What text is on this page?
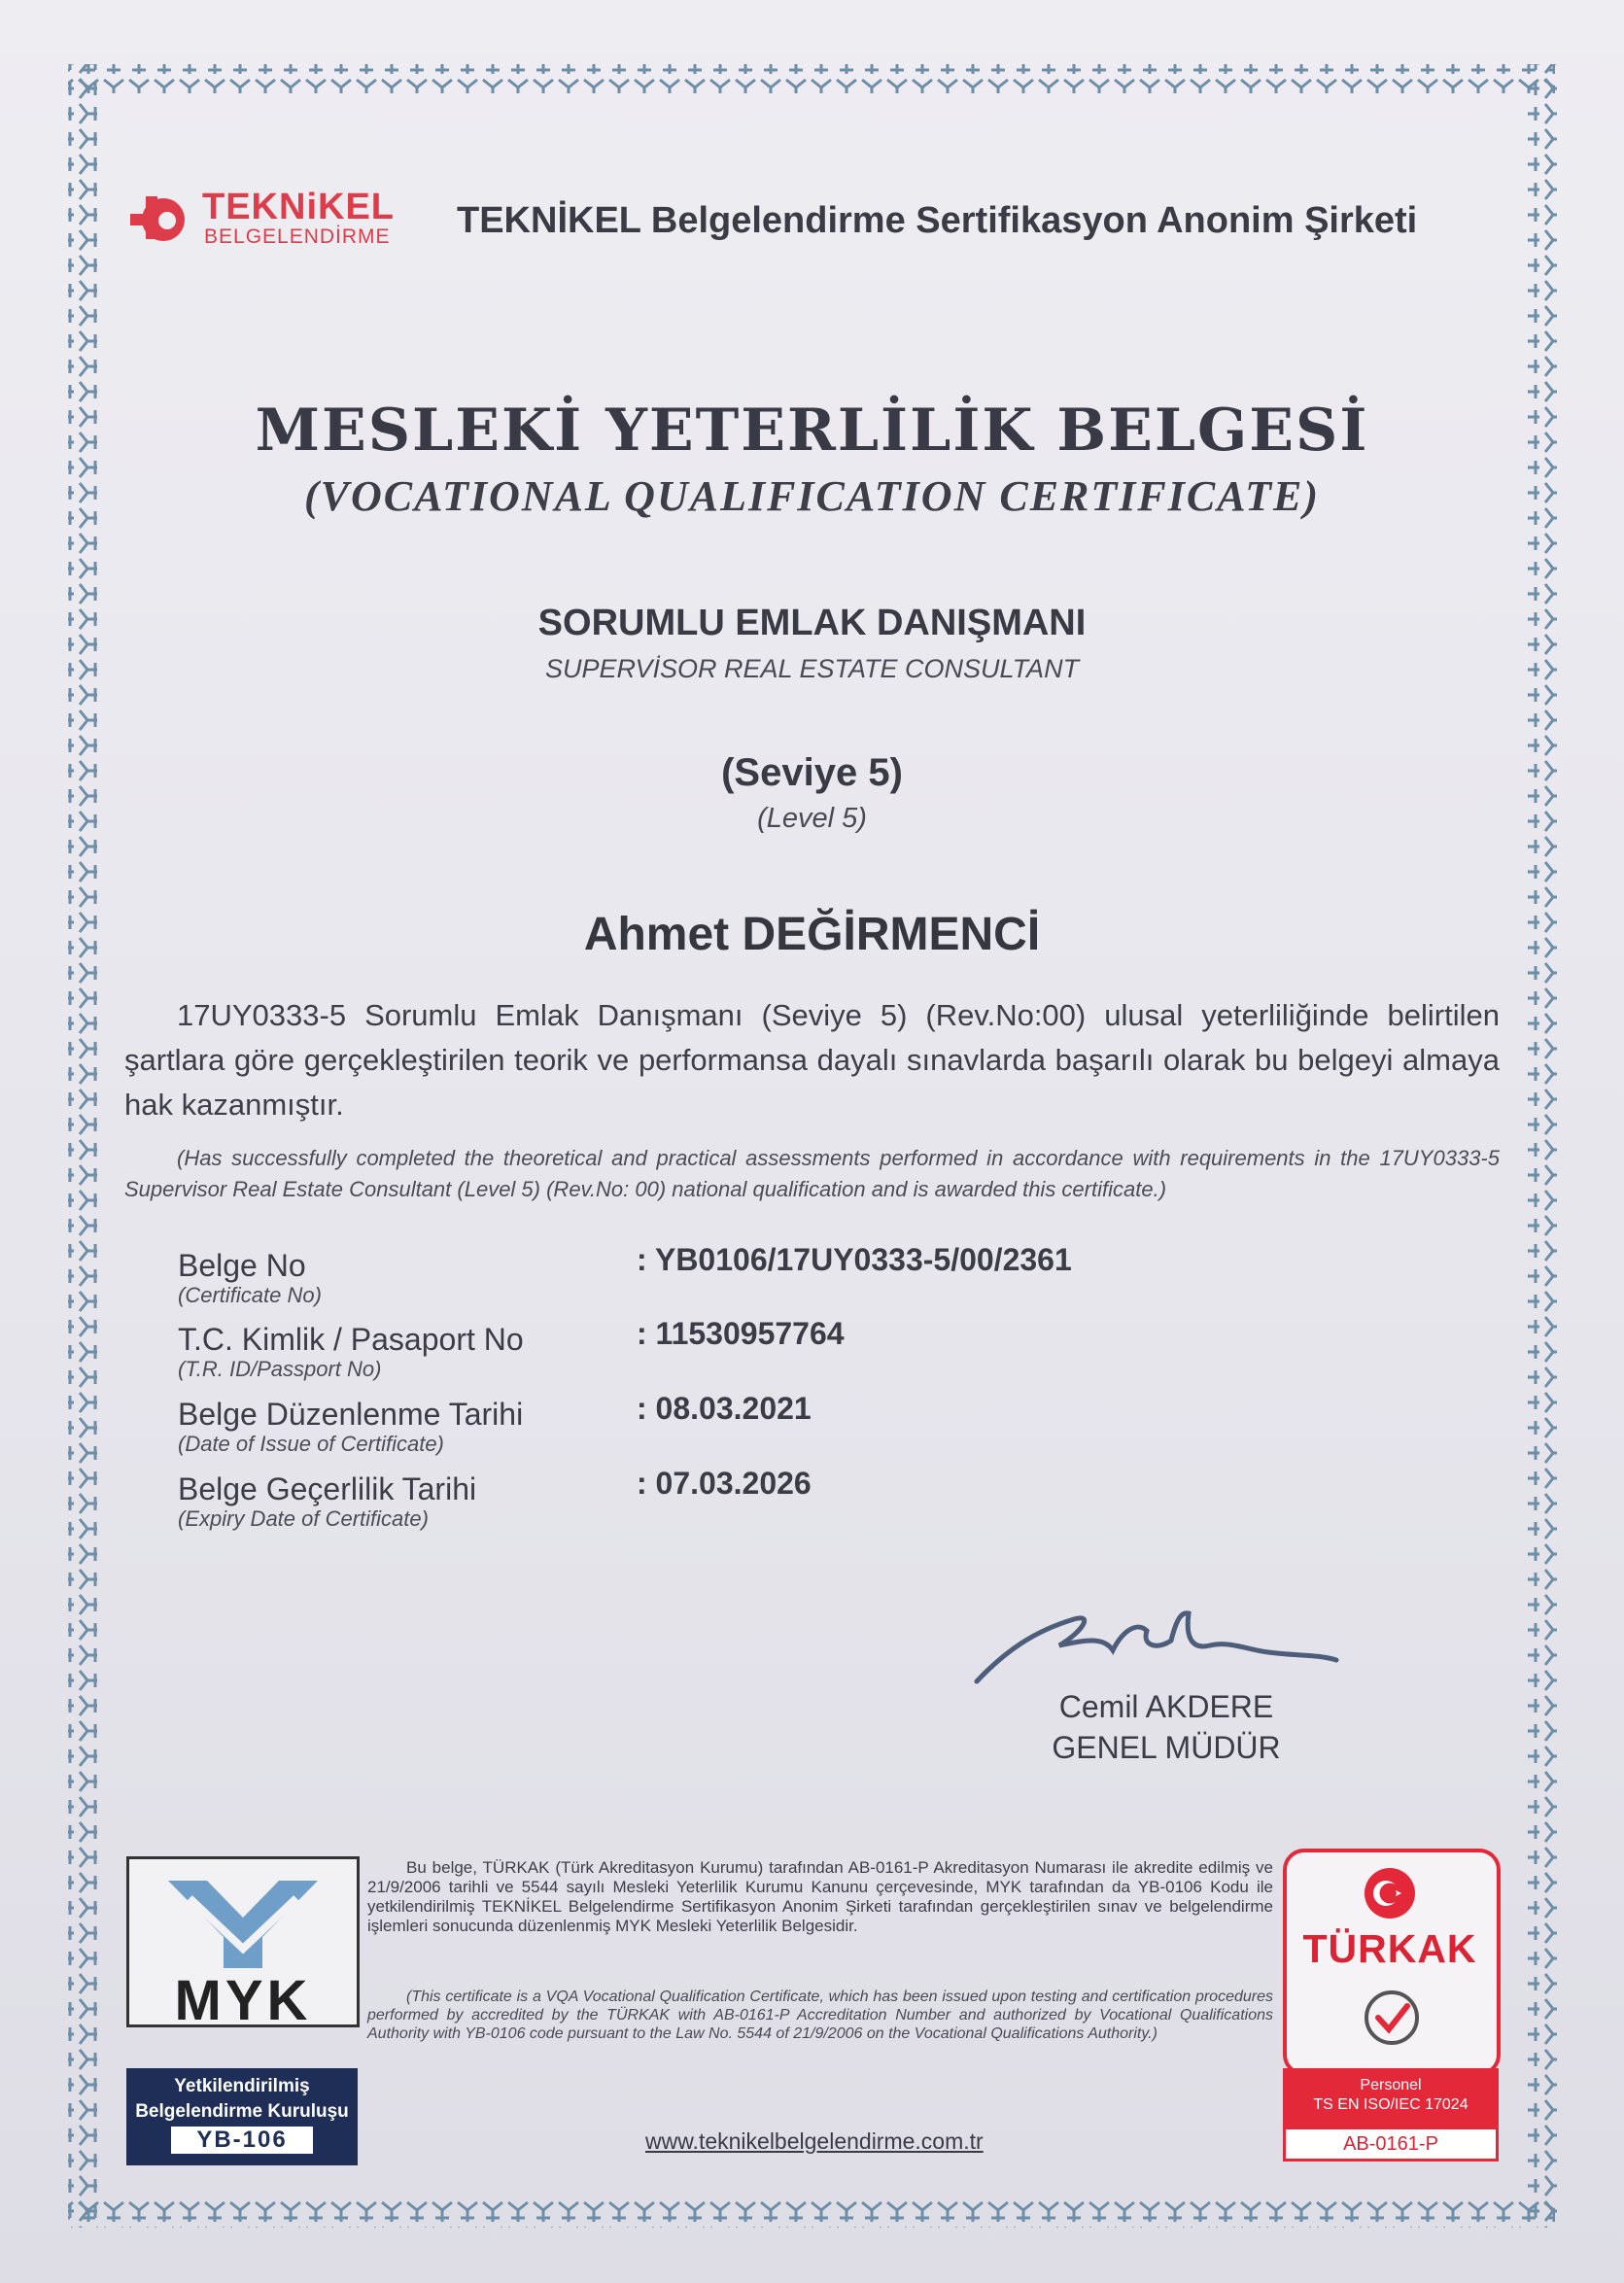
TEKNiKEL
BELGELENDİRME TEKNİKEL Belgelendirme Sertifikasyon Anonim Şirketi
MESLEKİ YETERLİLİK BELGESİ
(VOCATIONAL QUALIFICATION CERTIFICATE)
SORUMLU EMLAK DANIŞMANI
SUPERVİSOR REAL ESTATE CONSULTANT
(Seviye 5)
(Level 5)
Ahmet DEĞİRMENCİ
17UY0333-5 Sorumlu Emlak Danışmanı (Seviye 5) (Rev.No:00) ulusal yeterliliğinde belirtilen şartlara göre gerçekleştirilen teorik ve performansa dayalı sınavlarda başarılı olarak bu belgeyi almaya hak kazanmıştır.
(Has successfully completed the theoretical and practical assessments performed in accordance with requirements in the 17UY0333-5 Supervisor Real Estate Consultant (Level 5) (Rev.No: 00) national qualification and is awarded this certificate.)
Belge No
(Certificate No)
: YB0106/17UY0333-5/00/2361
T.C. Kimlik / Pasaport No
(T.R. ID/Passport No)
: 11530957764
Belge Düzenlenme Tarihi
(Date of Issue of Certificate)
: 08.03.2021
Belge Geçerlilik Tarihi
(Expiry Date of Certificate)
: 07.03.2026
Cemil AKDERE
GENEL MÜDÜR
MYK
Yetkilendirilmiş
Belgelendirme Kuruluşu
YB-106
Bu belge, TÜRKAK (Türk Akreditasyon Kurumu) tarafından AB-0161-P Akreditasyon Numarası ile akredite edilmiş ve 21/9/2006 tarihli ve 5544 sayılı Mesleki Yeterlilik Kurumu Kanunu çerçevesinde, MYK tarafından da YB-0106 Kodu ile yetkilendirilmiş TEKNİKEL Belgelendirme Sertifikasyon Anonim Şirketi tarafından gerçekleştirilen sınav ve belgelendirme işlemleri sonucunda düzenlenmiş MYK Mesleki Yeterlilik Belgesidir.
(This certificate is a VQA Vocational Qualification Certificate, which has been issued upon testing and certification procedures performed by accredited by the TÜRKAK with AB-0161-P Accreditation Number and authorized by Vocational Qualifications Authority with YB-0106 code pursuant to the Law No. 5544 of 21/9/2006 on the Vocational Qualifications Authority.)
www.teknikelbelgelendirme.com.tr
TÜRKAK
Personel
TS EN ISO/IEC 17024
AB-0161-P
